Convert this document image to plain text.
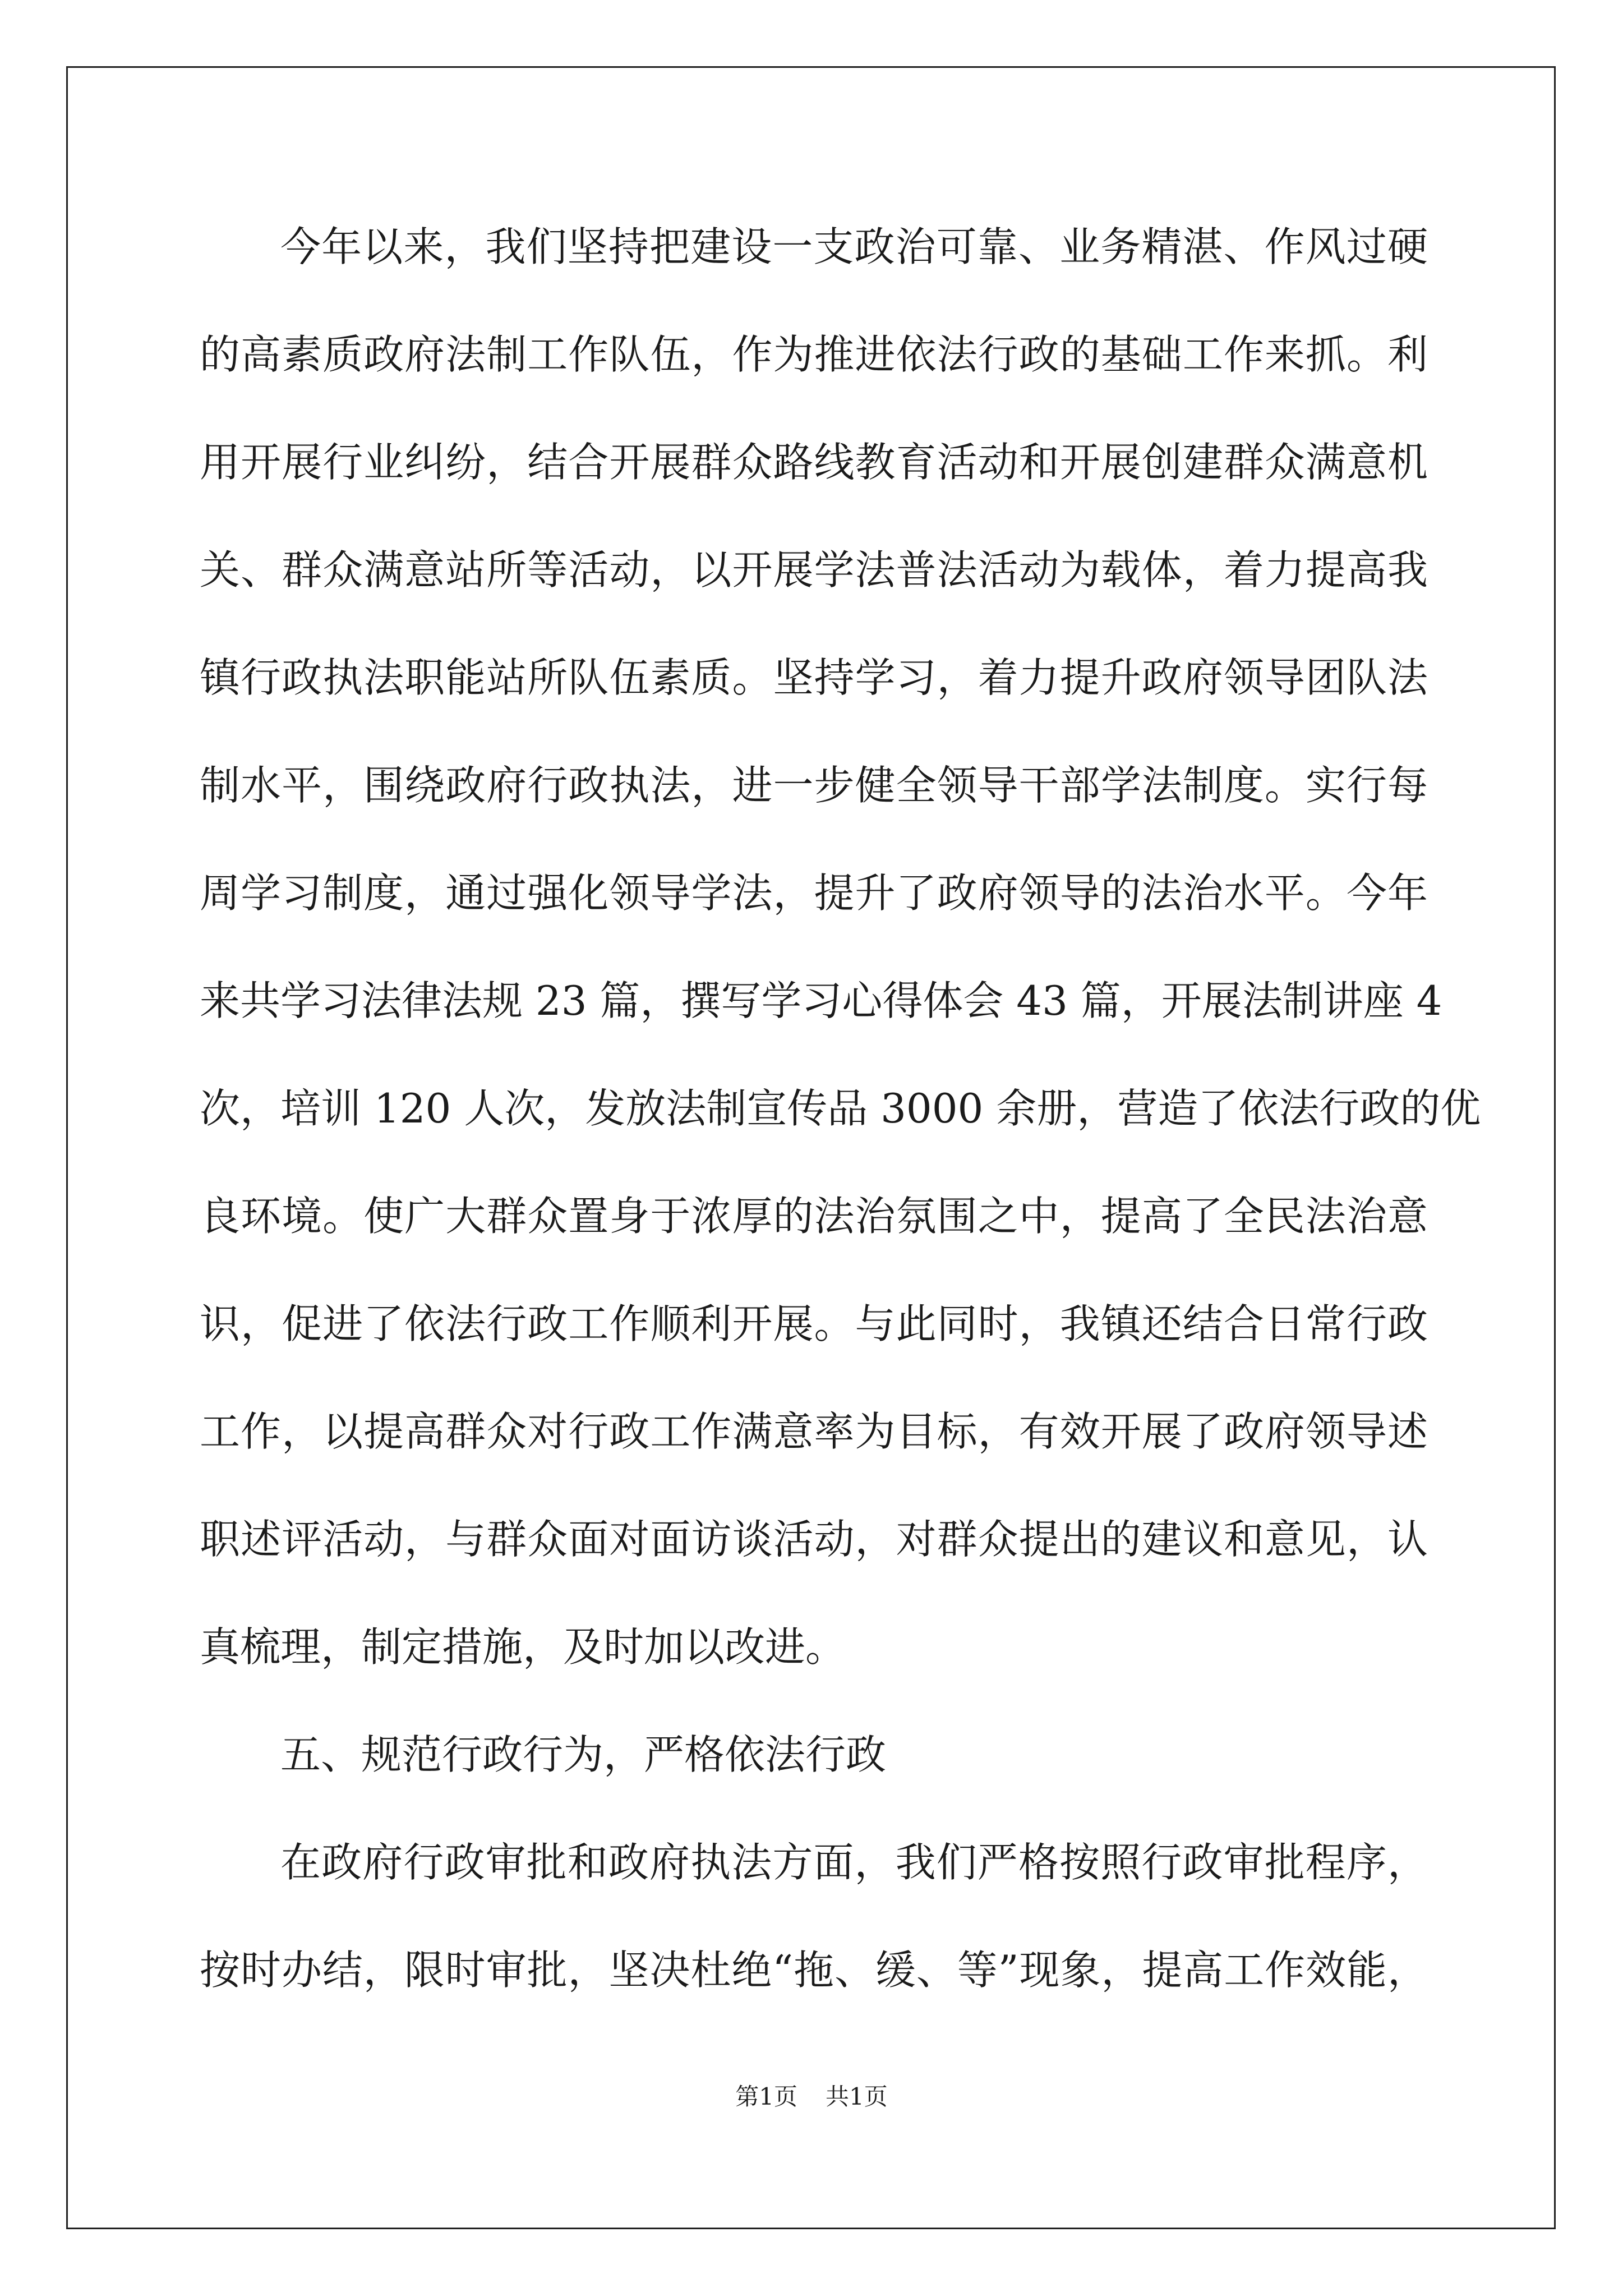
今年以来，我们坚持把建设一支政治可靠、业务精湛、作风过硬
的高素质政府法制工作队伍，作为推进依法行政的基础工作来抓。利
用开展行业纠纷，结合开展群众路线教育活动和开展创建群众满意机
关、群众满意站所等活动，以开展学法普法活动为载体，着力提高我
镇行政执法职能站所队伍素质。坚持学习，着力提升政府领导团队法
制水平，围绕政府行政执法，进一步健全领导干部学法制度。实行每
周学习制度，通过强化领导学法，提升了政府领导的法治水平。今年
来共学习法律法规 23 篇，撰写学习心得体会 43 篇，开展法制讲座 4
次，培训 120 人次，发放法制宣传品 3000 余册，营造了依法行政的优
良环境。使广大群众置身于浓厚的法治氛围之中，提高了全民法治意
识，促进了依法行政工作顺利开展。与此同时，我镇还结合日常行政
工作，以提高群众对行政工作满意率为目标，有效开展了政府领导述
职述评活动，与群众面对面访谈活动，对群众提出的建议和意见，认
真梳理，制定措施，及时加以改进。
五、规范行政行为，严格依法行政
在政府行政审批和政府执法方面，我们严格按照行政审批程序，
按时办结，限时审批，坚决杜绝“拖、缓、等”现象，提高工作效能，
第1页 共1页
